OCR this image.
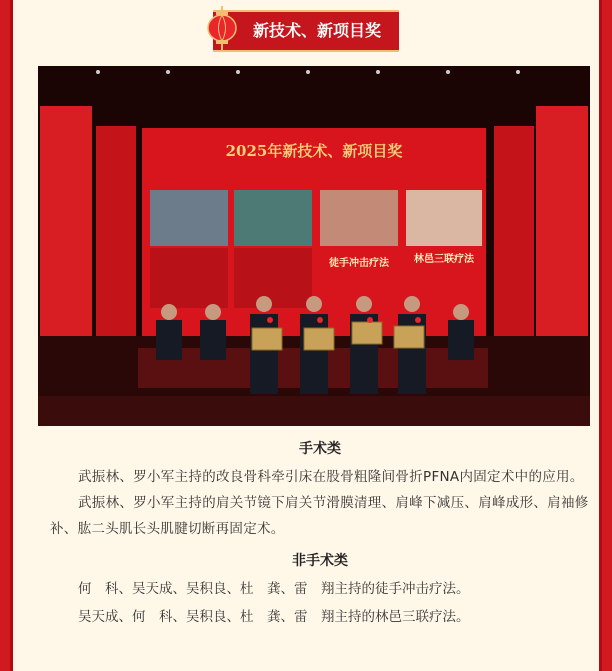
新技术、新项目奖
2025年新技术、新项目奖
徒手冲击疗法	林邑三联疗法
手术类

武振林、罗小军主持的改良骨科牵引床在股骨粗隆间骨折PFNA内固定术中的应用。

武振林、罗小军主持的肩关节镜下肩关节滑膜清理、肩峰下减压、肩峰成形、肩袖修补、肱二头肌长头肌腱切断再固定术。

非手术类

何　科、吴天成、吴积良、杜　龚、雷　翔主持的徒手冲击疗法。

吴天成、何　科、吴积良、杜　龚、雷　翔主持的林邑三联疗法。
